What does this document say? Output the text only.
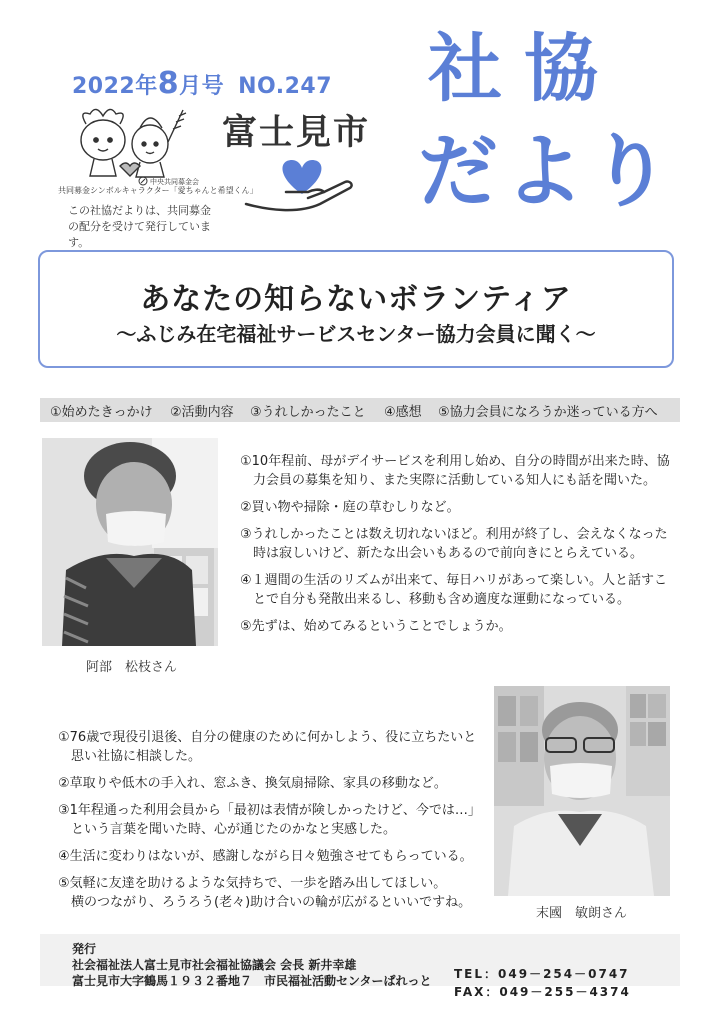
2022年8月号 NO.247
中央共同募金会
共同募金シンボルキャラクター「愛ちゃんと希望くん」
この社協だよりは、共同募金の配分を受けて発行しています。
富士見市
社協
だより
あなたの知らないボランティア
～ふじみ在宅福祉サービスセンター協力会員に聞く～
①始めたきっかけ ②活動内容 ③うれしかったこと ④感想 ⑤協力会員になろうか迷っている方へ
阿部　松枝さん
①10年程前、母がデイサービスを利用し始め、自分の時間が出来た時、協
　力会員の募集を知り、また実際に活動している知人にも話を聞いた。
②買い物や掃除・庭の草むしりなど。
③うれしかったことは数え切れないほど。利用が終了し、会えなくなった
　時は寂しいけど、新たな出会いもあるので前向きにとらえている。
④１週間の生活のリズムが出来て、毎日ハリがあって楽しい。人と話すこ
　とで自分も発散出来るし、移動も含め適度な運動になっている。
⑤先ずは、始めてみるということでしょうか。
末國　敏朗さん
①76歳で現役引退後、自分の健康のために何かしよう、役に立ちたいと
　思い社協に相談した。
②草取りや低木の手入れ、窓ふき、換気扇掃除、家具の移動など。
③1年程通った利用会員から「最初は表情が険しかったけど、今では…」
　という言葉を聞いた時、心が通じたのかなと実感した。
④生活に変わりはないが、感謝しながら日々勉強させてもらっている。
⑤気軽に友達を助けるような気持ちで、一歩を踏み出してほしい。
　横のつながり、ろうろう(老々)助け合いの輪が広がるといいですね。
発行
社会福祉法人富士見市社会福祉協議会 会長 新井幸雄
富士見市大字鶴馬１９３２番地７　市民福祉活動センターぱれっと TEL：049－254－0747
FAX：049－255－4374
